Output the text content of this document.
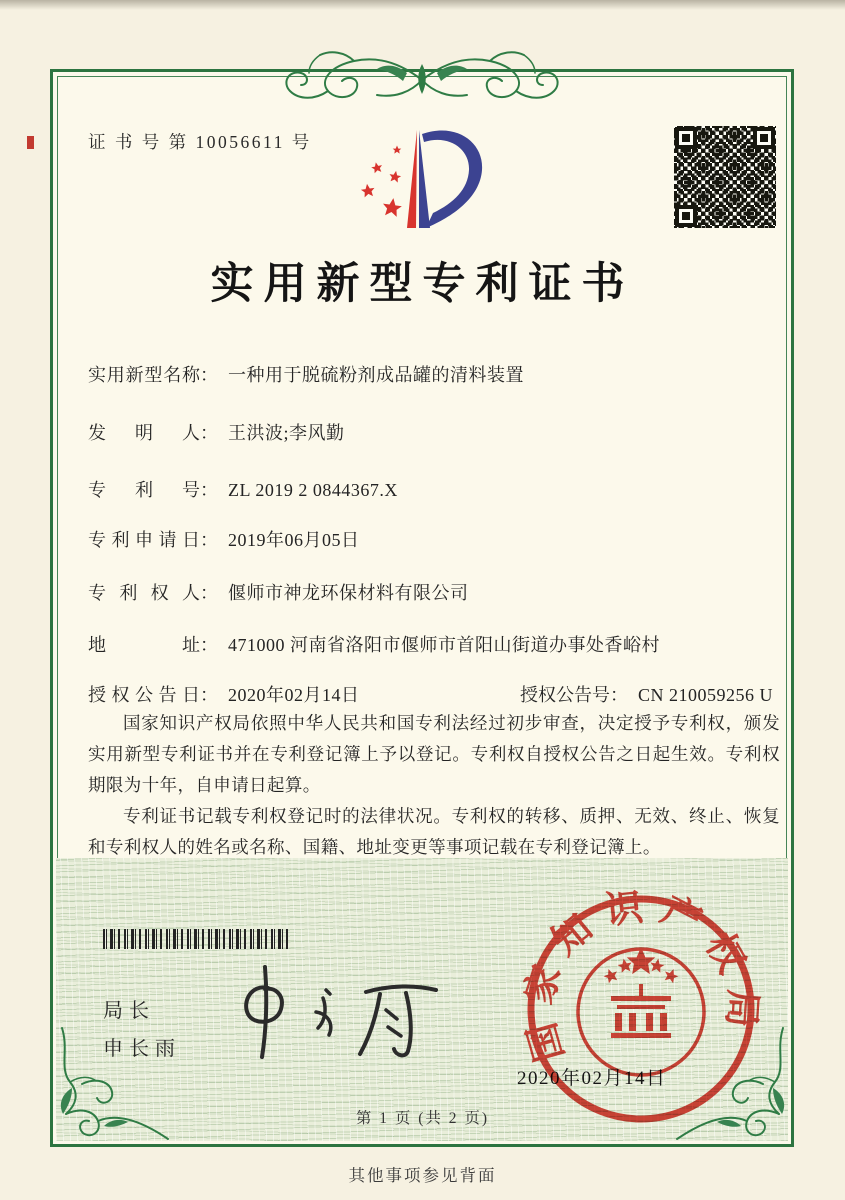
证 书 号 第 10056611 号
实用新型专利证书
实用新型名称： 一种用于脱硫粉剂成品罐的清料装置
发明人： 王洪波;李风勤
专利号： ZL 2019 2 0844367.X
专利申请日： 2019年06月05日
专利权人： 偃师市神龙环保材料有限公司
地址： 471000 河南省洛阳市偃师市首阳山街道办事处香峪村
授权公告日： 2020年02月14日	授权公告号： CN 210059256 U

国家知识产权局依照中华人民共和国专利法经过初步审查，决定授予专利权，颁发实用新型专利证书并在专利登记簿上予以登记。专利权自授权公告之日起生效。专利权期限为十年，自申请日起算。

专利证书记载专利权登记时的法律状况。专利权的转移、质押、无效、终止、恢复和专利权人的姓名或名称、国籍、地址变更等事项记载在专利登记簿上。

局长
申长雨
2020年02月14日
第 1 页 (共 2 页)
其他事项参见背面
国家知识产权局
